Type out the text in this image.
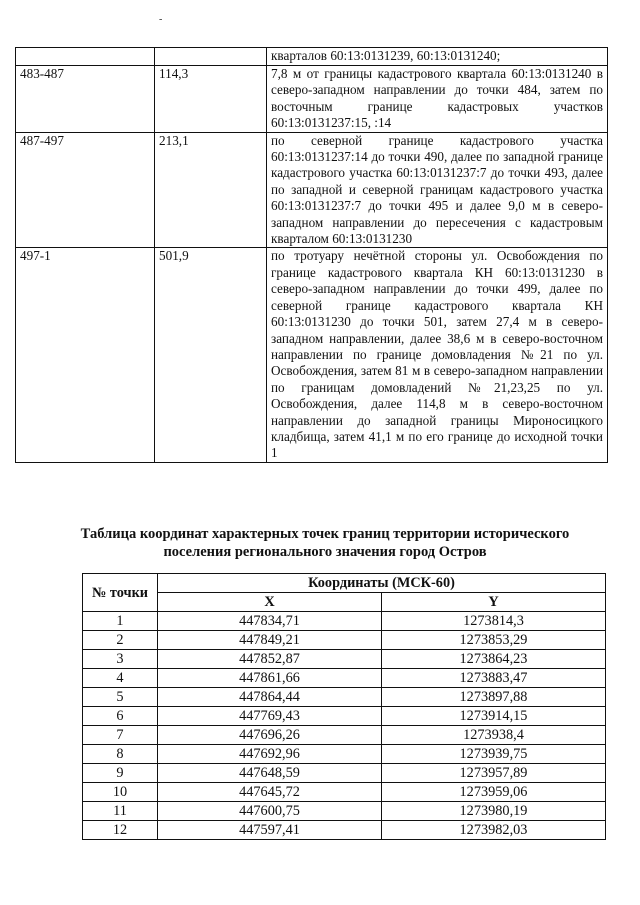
-
		кварталов 60:13:0131239, 60:13:0131240;
483-487	114,3	7,8 м от границы кадастрового квартала 60:13:0131240 в северо-западном направлении до точки 484, затем по восточным границе кадастровых участков 60:13:0131237:15, :14
487-497	213,1	по северной границе кадастрового участка 60:13:0131237:14 до точки 490, далее по западной границе кадастрового участка 60:13:0131237:7 до точки 493, далее по западной и северной границам кадастрового участка 60:13:0131237:7 до точки 495 и далее 9,0 м в северо-западном направлении до пересечения с кадастровым кварталом 60:13:0131230
497-1	501,9	по тротуару нечётной стороны ул. Освобождения по границе кадастрового квартала КН 60:13:0131230 в северо-западном направлении до точки 499, далее по северной границе кадастрового квартала КН 60:13:0131230 до точки 501, затем 27,4 м в северо-западном направлении, далее 38,6 м в северо-восточном направлении по границе домовладения №21 по ул. Освобождения, затем 81 м в северо-западном направлении по границам домовладений №21,23,25 по ул. Освобождения, далее 114,8 м в северо-восточном направлении до западной границы Мироносицкого кладбища, затем 41,1 м по его границе до исходной точки 1
Таблица координат характерных точек границ территории исторического поселения регионального значения город Остров
№ точки	Координаты (МСК-60)	
	X	Y
1	447834,71	1273814,3
2	447849,21	1273853,29
3	447852,87	1273864,23
4	447861,66	1273883,47
5	447864,44	1273897,88
6	447769,43	1273914,15
7	447696,26	1273938,4
8	447692,96	1273939,75
9	447648,59	1273957,89
10	447645,72	1273959,06
11	447600,75	1273980,19
12	447597,41	1273982,03
